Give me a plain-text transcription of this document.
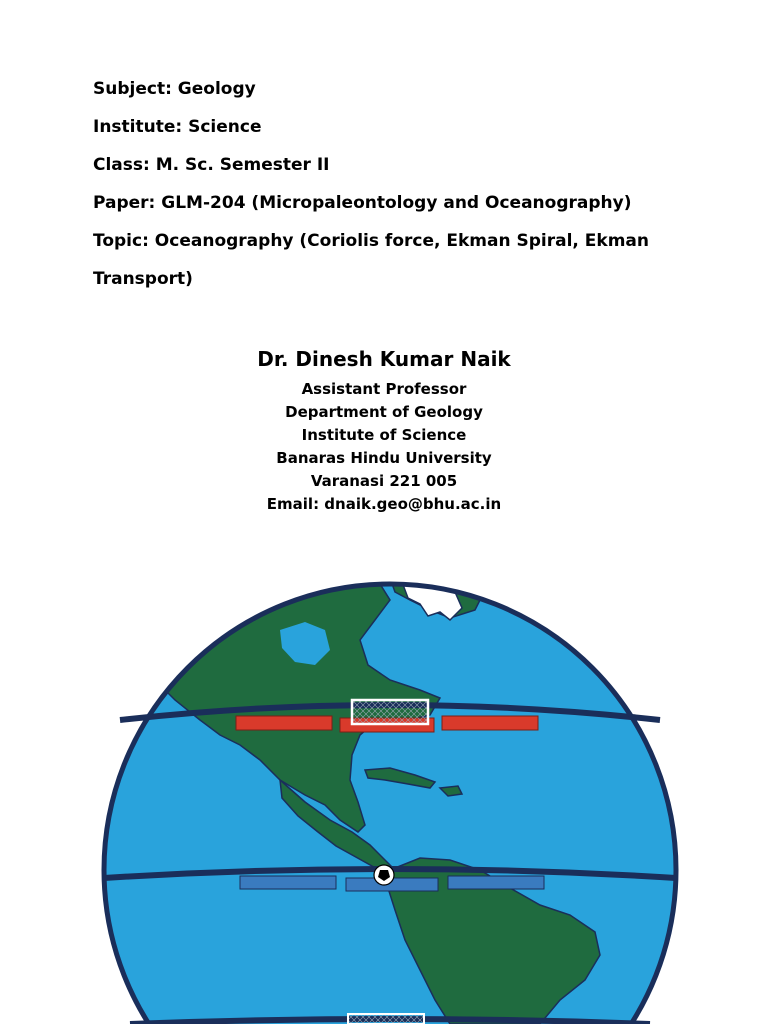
Subject: Geology
Institute: Science
Class: M. Sc. Semester II
Paper: GLM-204 (Micropaleontology and Oceanography)
Topic: Oceanography (Coriolis force, Ekman Spiral, Ekman
Transport)
Dr. Dinesh Kumar Naik
Assistant Professor
Department of Geology
Institute of Science
Banaras Hindu University
Varanasi 221 005
Email: dnaik.geo@bhu.ac.in
